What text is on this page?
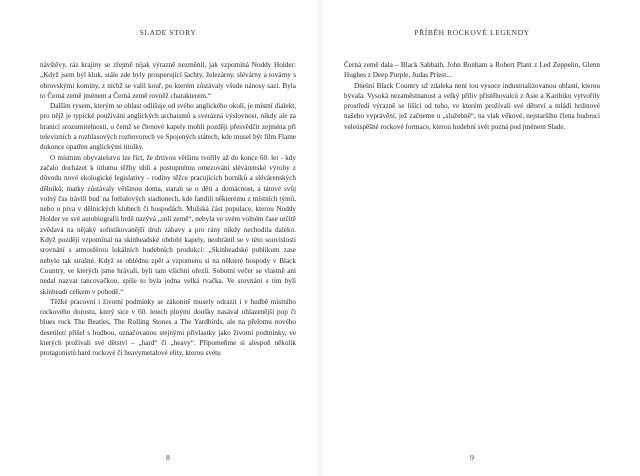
SLADE STORY

návštěvy, ráz krajiny se zřejmě nijak výrazně nezměnil, jak vzpomíná Noddy Holder: „Když jsem byl kluk, stále zde byly prosperující šachty, železárny, slévárny a továrny s obrovskými komíny, z nichž se valil kouř, po kterém zůstávaly všude nánosy sazí. Byla to Černá země jménem a Černá země rovněž charakterem.“

Dalším rysem, kterým se oblast odlišuje od svého anglického okolí, je místní dialekt, pro nějž je typické používání anglických archaismů a svérázná výslovnost, nikdy ale za hranicí srozumitelnosti, o čemž se členové kapely mohli později přesvědčit zejména při televizních a rozhlasových rozhovorech ve Spojených státech, kde musel být film Flame dokonce opatřen anglickými titulky.

O místním obyvatelstvu lze říct, že drtivou většinu tvořily až do konce 60. let - kdy začalo docházet k útlumu těžby uhlí a postupnému omezování slévárenské výroby z důvodu nové ekologické legislativy - rodiny těžce pracujících horníků a slévárenských dělníků; matky zůstávaly většinou doma, starali se o děti a domácnost, a tátové svůj volný čas trávili buď na fotbalových stadionech, kde fandili některému z místních týmů, nebo u piva v dělnických klubech či hospodách. Mužská část populace, kterou Noddy Holder ve své autobiografii hrdě nazývá „solí země“, nebyla ve svém volném čase určitě zvědavá na nějaký sofistikovanější druh zábavy a pro rány nikdy nechodila daleko. Když později vzpomínal na skinheadské období kapely, neubránil se v této souvislosti srovnání s atmosférou lokálních hudebních produkcí: „Skinheadské publikum zase nebylo tak strašné. Když se ohlédnu zpět a vzpomenu si na některé hospody v Black Country, ve kterých jsme hrávali, byli tam všichni ořezlí. Sobotní večer se vlastně ani nedal nazvat tancovačkou, spíše to byla jedna velká rvačka. Ve srovnání s tím byli skinheadi celkem v pohodě.“

Těžké pracovní i životní podmínky se zákonitě musely odrazit i v hudbě místního rockového dorostu, který sice v 60. letech plnými doušky nasával uhlazenější pop či blues rock The Beatles, The Rolling Stones a The Yardbirds, ale na přelomu nového desetiletí přišel s hudbou, označovanou stejnými přívlastky jako životní podmínky, ve kterých prožívali své dětství – „hard“ či „heavy“. Připomeňme si alespoň několik protagonistů hard rockové či heavymetalové elity, kterou svétu

8
PŘÍBĚH ROCKOVÉ LEGENDY

Černá země dala – Black Sabbath, John Bonham a Robert Plant z Led Zeppelin, Glenn Hughes z Deep Purple, Judas Priest...

Dnešní Black Country už zdaleka není tou vysoce industrializovanou oblastí, kterou bývala. Vysoká nezaměstnanost a velký příliv přistěhovalců z Asie a Karibiku vytvořily prostředí výrazně se lišící od toho, ve kterém prožívali své dětství a mládí hrdinové našeho vyprávění, jež začneme u „služebně“, na vlak věkové, nejstaršího člena budoucí veleúspěšné rockové formace, kterou hudební svět pozná pod jménem Slade.

9
